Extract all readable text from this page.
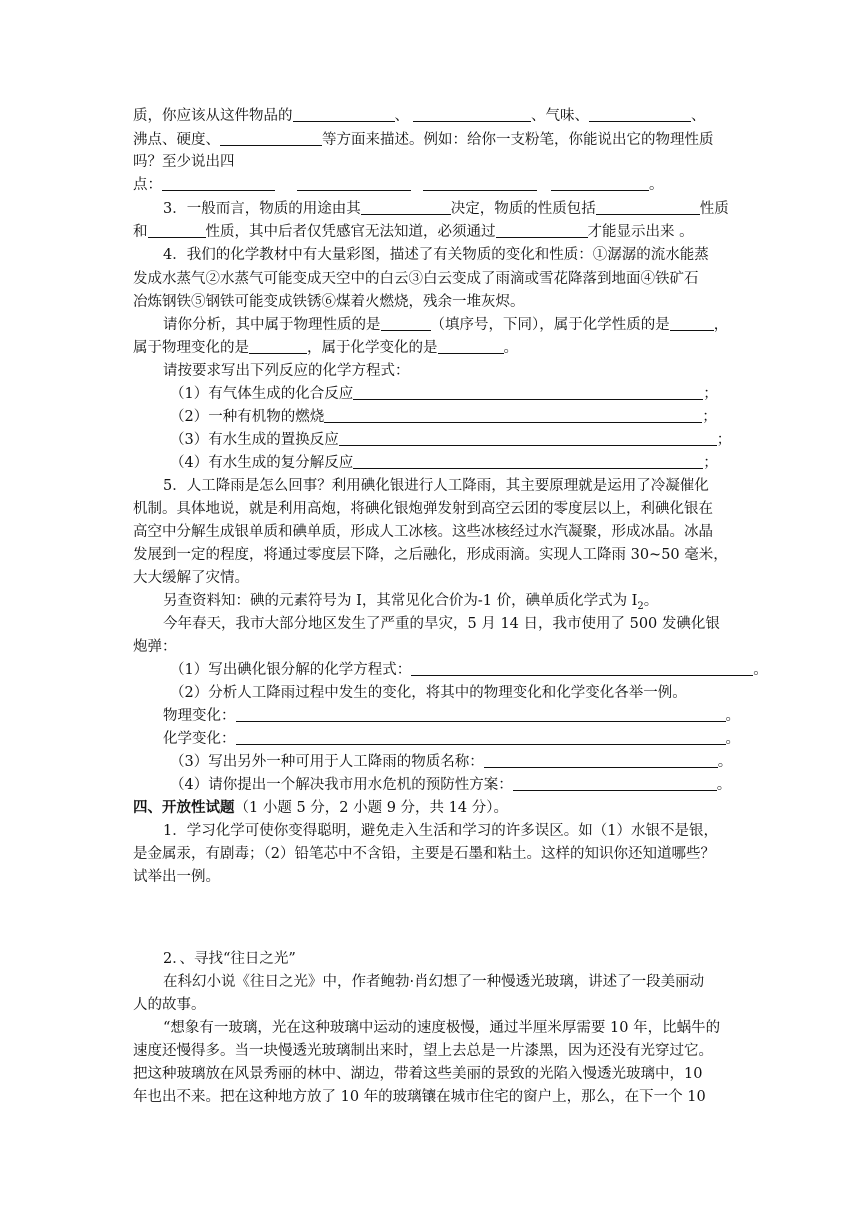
质，你应该从这件物品的	、	、气味、	、
沸点、硬度、	等方面来描述。例如：给你一支粉笔，你能说出它的物理性质
吗？至少说出四
点：	。
3．一般而言，物质的用途由其	决定，物质的性质包括	性质
和	性质，其中后者仅凭感官无法知道，必须通过	才能显示出来 。
4．我们的化学教材中有大量彩图，描述了有关物质的变化和性质：①潺潺的流水能蒸
发成水蒸气②水蒸气可能变成天空中的白云③白云变成了雨滴或雪花降落到地面④铁矿石
冶炼钢铁⑤钢铁可能变成铁锈⑥煤着火燃烧，残余一堆灰烬。
请你分析，其中属于物理性质的是	（填序号，下同），属于化学性质的是	，
属于物理变化的是	，属于化学变化的是	。
请按要求写出下列反应的化学方程式：
（1）有气体生成的化合反应	；
（2）一种有机物的燃烧	；
（3）有水生成的置换反应	；
（4）有水生成的复分解反应	；
5．人工降雨是怎么回事？利用碘化银进行人工降雨，其主要原理就是运用了冷凝催化
机制。具体地说，就是利用高炮，将碘化银炮弹发射到高空云团的零度层以上，利碘化银在
高空中分解生成银单质和碘单质，形成人工冰核。这些冰核经过水汽凝聚，形成冰晶。冰晶
发展到一定的程度，将通过零度层下降，之后融化，形成雨滴。实现人工降雨 30~50 毫米，
大大缓解了灾情。
另查资料知：碘的元素符号为 I，其常见化合价为-1 价，碘单质化学式为 $I_2$。
今年春天，我市大部分地区发生了严重的旱灾，5 月 14 日，我市使用了 500 发碘化银
炮弹：
（1）写出碘化银分解的化学方程式：	。
（2）分析人工降雨过程中发生的变化，将其中的物理变化和化学变化各举一例。
物理变化：	。
化学变化：	。
（3）写出另外一种可用于人工降雨的物质名称：	。
（4）请你提出一个解决我市用水危机的预防性方案：	。
四、开放性试题（1 小题 5 分，2 小题 9 分，共 14 分）。
1．学习化学可使你变得聪明，避免走入生活和学习的许多误区。如（1）水银不是银，
是金属汞，有剧毒；（2）铅笔芯中不含铅，主要是石墨和粘土。这样的知识你还知道哪些？
试举出一例。
2．、寻找“往日之光”
在科幻小说《往日之光》中，作者鲍勃·肖幻想了一种慢透光玻璃，讲述了一段美丽动
人的故事。
“想象有一玻璃，光在这种玻璃中运动的速度极慢，通过半厘米厚需要 10 年，比蜗牛的
速度还慢得多。当一块慢透光玻璃制出来时，望上去总是一片漆黑，因为还没有光穿过它。
把这种玻璃放在风景秀丽的林中、湖边，带着这些美丽的景致的光陷入慢透光玻璃中，10
年也出不来。把在这种地方放了 10 年的玻璃镶在城市住宅的窗户上，那么，在下一个 10
